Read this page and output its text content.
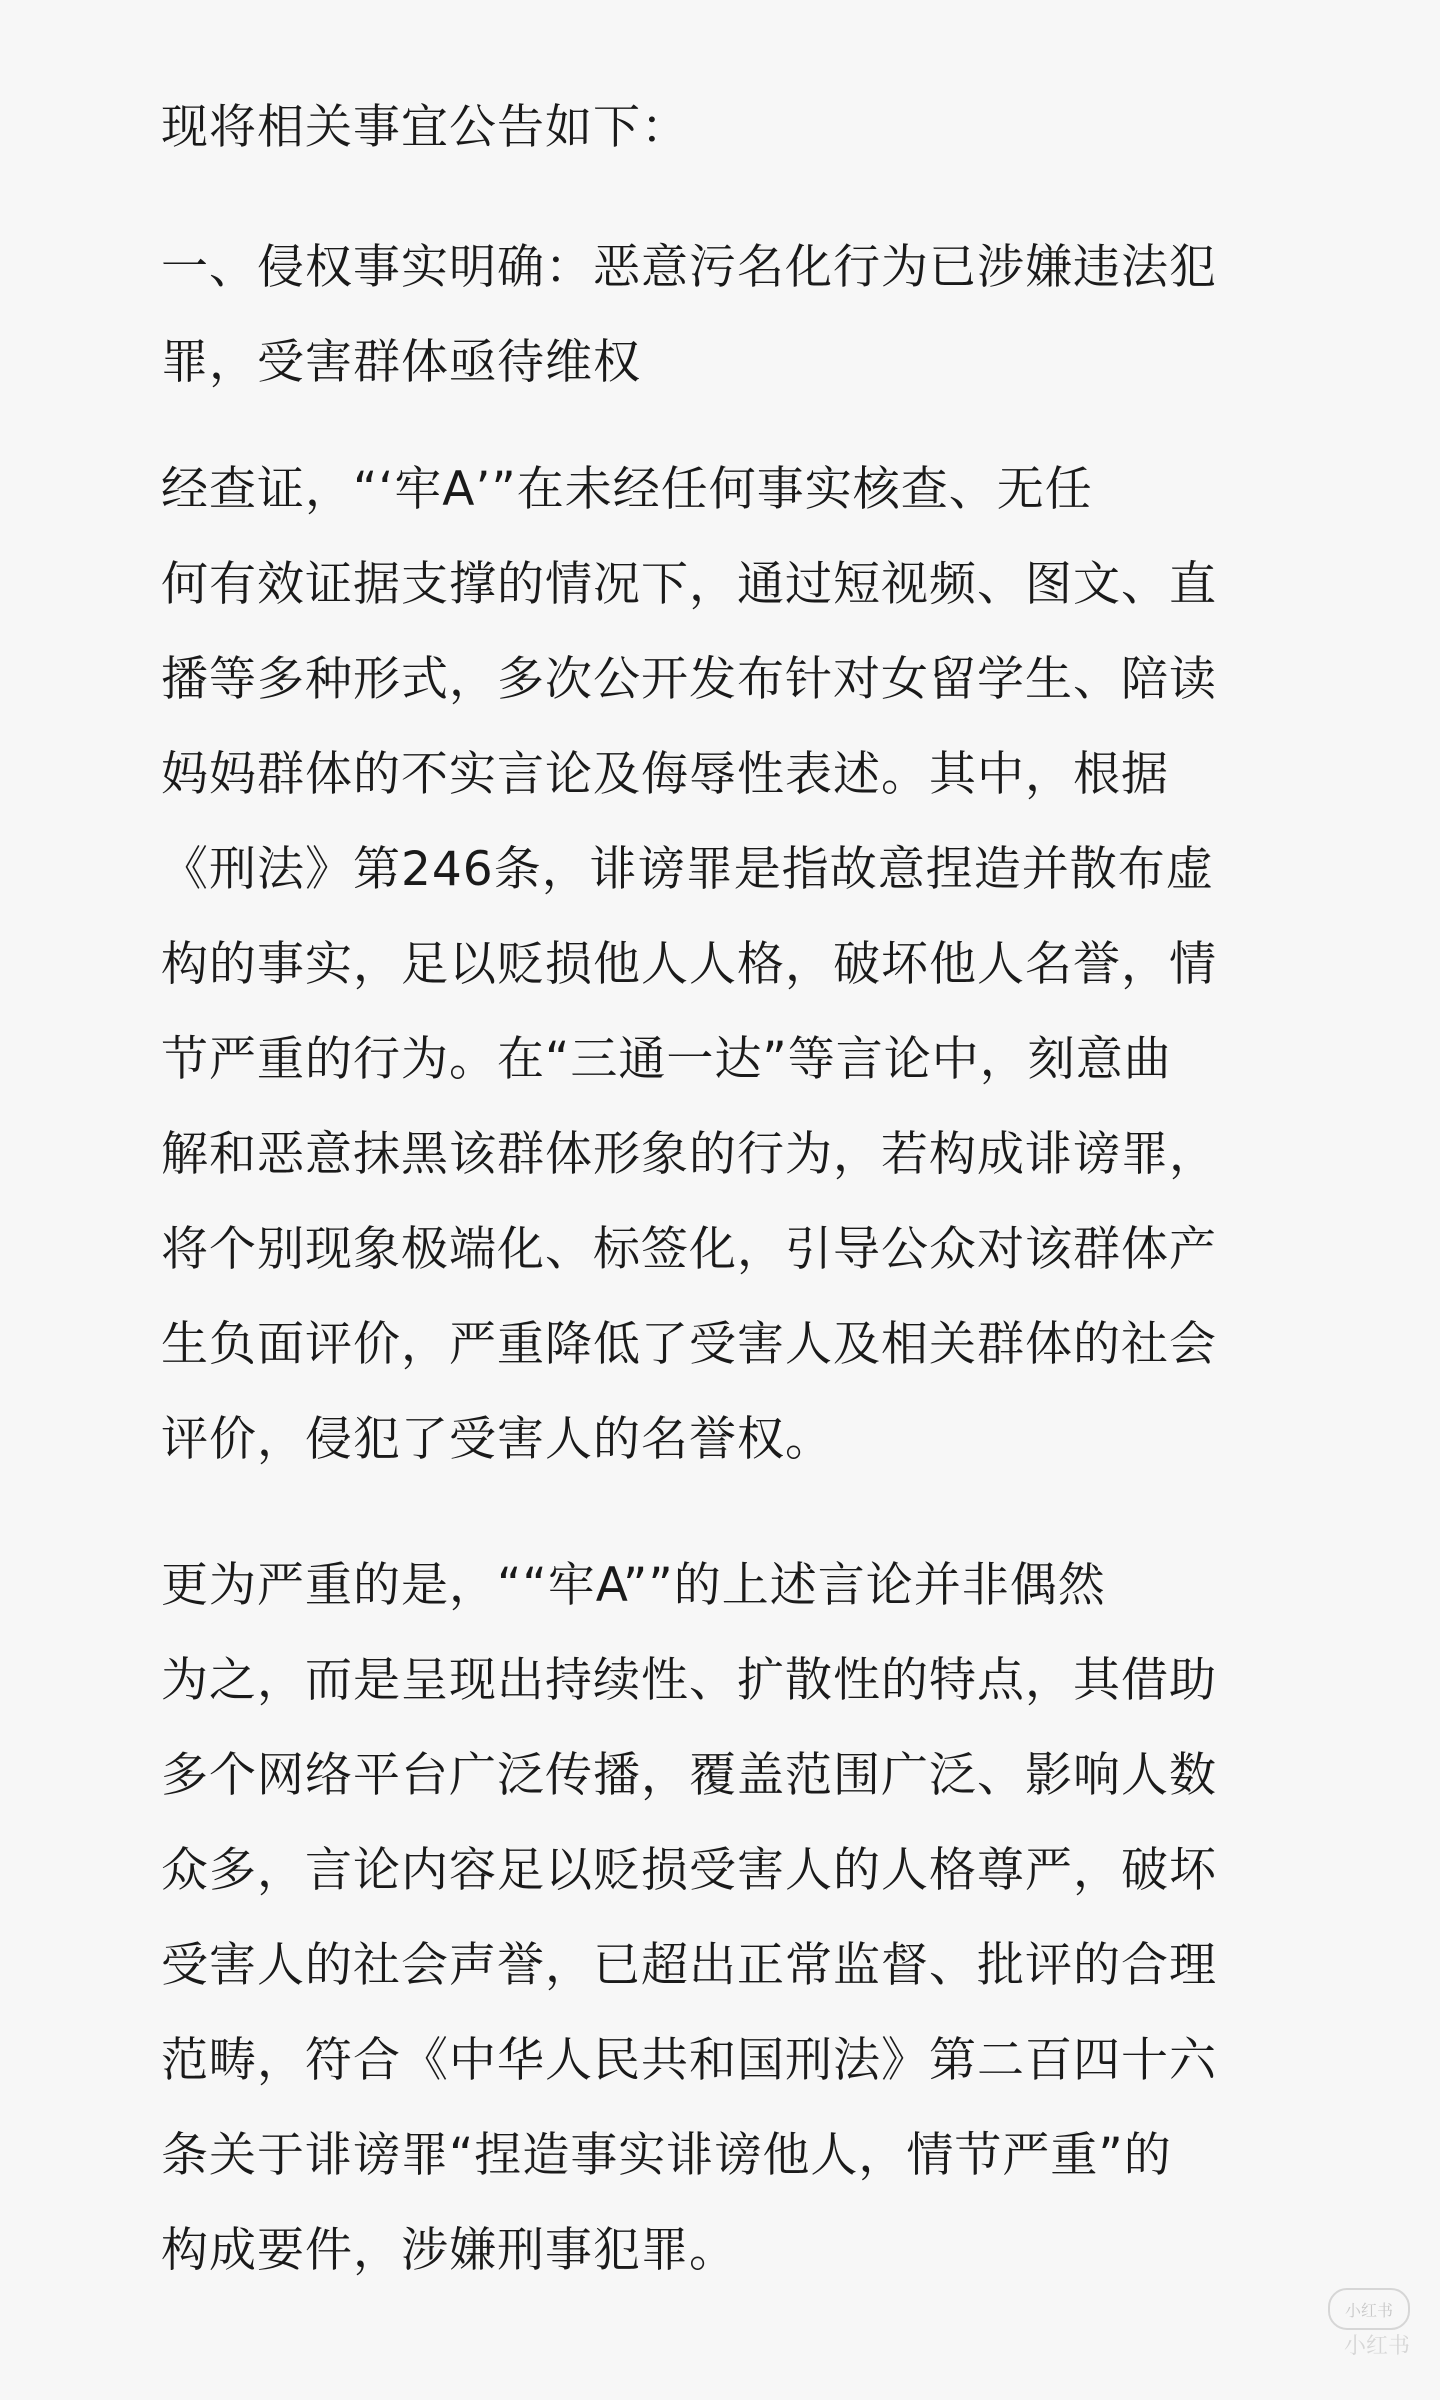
现将相关事宜公告如下：

一、侵权事实明确：恶意污名化行为已涉嫌违法犯
罪，受害群体亟待维权

经查证，“‘牢A’”在未经任何事实核查、无任
何有效证据支撑的情况下，通过短视频、图文、直
播等多种形式，多次公开发布针对女留学生、陪读
妈妈群体的不实言论及侮辱性表述。其中，根据
《刑法》第246条，诽谤罪是指故意捏造并散布虚
构的事实，足以贬损他人人格，破坏他人名誉，情
节严重的行为。在“三通一达”等言论中，刻意曲
解和恶意抹黑该群体形象的行为，若构成诽谤罪，
将个别现象极端化、标签化，引导公众对该群体产
生负面评价，严重降低了受害人及相关群体的社会
评价，侵犯了受害人的名誉权。

更为严重的是，““牢A””的上述言论并非偶然
为之，而是呈现出持续性、扩散性的特点，其借助
多个网络平台广泛传播，覆盖范围广泛、影响人数
众多，言论内容足以贬损受害人的人格尊严，破坏
受害人的社会声誉，已超出正常监督、批评的合理
范畴，符合《中华人民共和国刑法》第二百四十六
条关于诽谤罪“捏造事实诽谤他人，情节严重”的
构成要件，涉嫌刑事犯罪。

小红书
小红书
